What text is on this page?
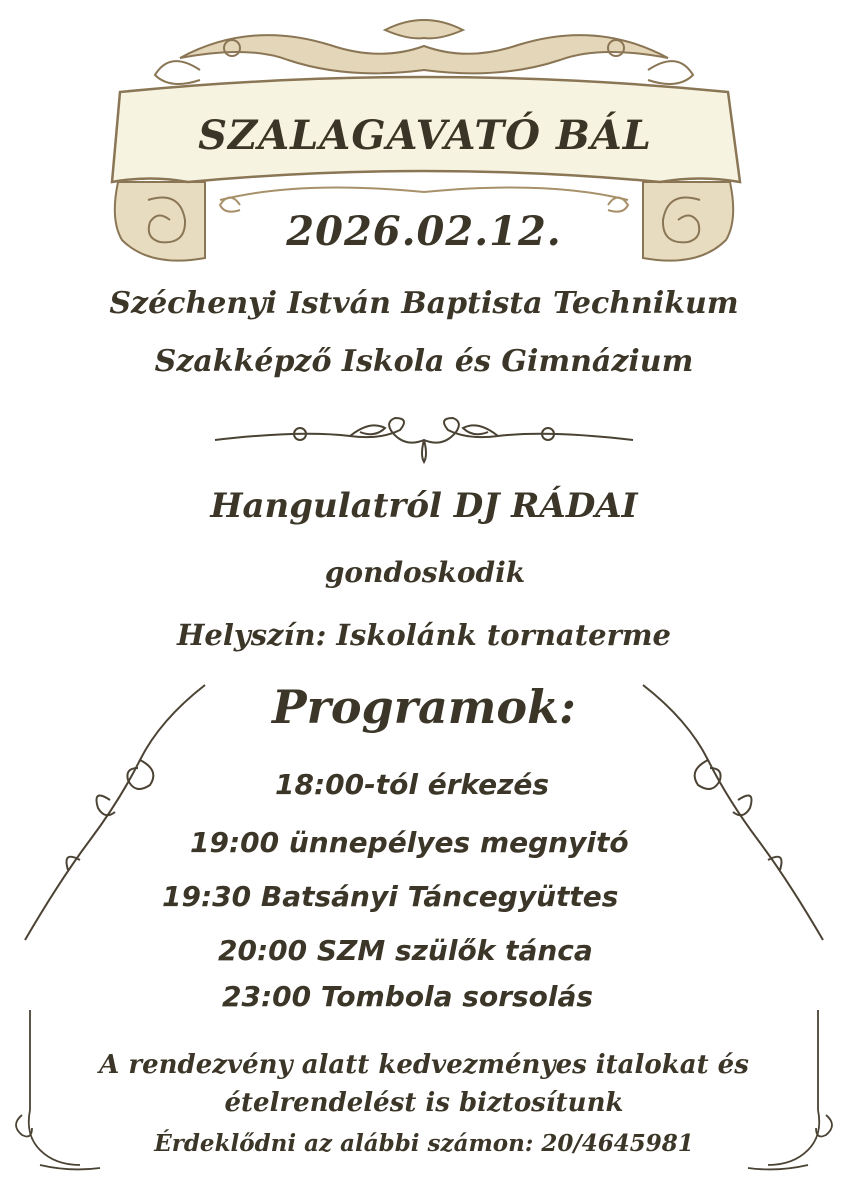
SZALAGAVATÓ BÁL
2026.02.12.
Széchenyi István Baptista Technikum
Szakképző Iskola és Gimnázium
Hangulatról DJ RÁDAI
gondoskodik
Helyszín: Iskolánk tornaterme
Programok:
18:00-tól érkezés
19:00 ünnepélyes megnyitó
19:30 Batsányi Táncegyüttes
20:00 SZM szülők tánca
23:00 Tombola sorsolás
A rendezvény alatt kedvezményes italokat és
ételrendelést is biztosítunk
Érdeklődni az alábbi számon: 20/4645981
